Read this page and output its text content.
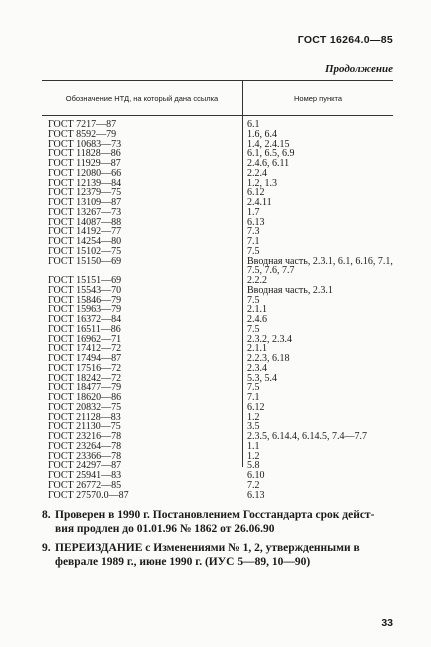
ГОСТ 16264.0—85
Продолжение
Обозначение НТД, на который дана ссылка	Номер пункта
ГОСТ 7217—87	6.1
ГОСТ 8592—79	1.6, 6.4
ГОСТ 10683—73	1.4, 2.4.15
ГОСТ 11828—86	6.1, 6.5, 6.9
ГОСТ 11929—87	2.4.6, 6.11
ГОСТ 12080—66	2.2.4
ГОСТ 12139—84	1.2, 1.3
ГОСТ 12379—75	6.12
ГОСТ 13109—87	2.4.11
ГОСТ 13267—73	1.7
ГОСТ 14087—88	6.13
ГОСТ 14192—77	7.3
ГОСТ 14254—80	7.1
ГОСТ 15102—75	7.5
ГОСТ 15150—69	Вводная часть, 2.3.1, 6.1, 6.16, 7.1,
7.5, 7.6, 7.7
ГОСТ 15151—69	2.2.2
ГОСТ 15543—70	Вводная часть, 2.3.1
ГОСТ 15846—79	7.5
ГОСТ 15963—79	2.1.1
ГОСТ 16372—84	2.4.6
ГОСТ 16511—86	7.5
ГОСТ 16962—71	2.3.2, 2.3.4
ГОСТ 17412—72	2.1.1
ГОСТ 17494—87	2.2.3, 6.18
ГОСТ 17516—72	2.3.4
ГОСТ 18242—72	5.3, 5.4
ГОСТ 18477—79	7.5
ГОСТ 18620—86	7.1
ГОСТ 20832—75	6.12
ГОСТ 21128—83	1.2
ГОСТ 21130—75	3.5
ГОСТ 23216—78	2.3.5, 6.14.4, 6.14.5, 7.4—7.7
ГОСТ 23264—78	1.1
ГОСТ 23366—78	1.2
ГОСТ 24297—87	5.8
ГОСТ 25941—83	6.10
ГОСТ 26772—85	7.2
ГОСТ 27570.0—87	6.13
8. Проверен в 1990 г. Постановлением Госстандарта срок дейст-
вия продлен до 01.01.96 № 1862 от 26.06.90
9. ПЕРЕИЗДАНИЕ с Изменениями № 1, 2, утвержденными в
феврале 1989 г., июне 1990 г. (ИУС 5—89, 10—90)
33
